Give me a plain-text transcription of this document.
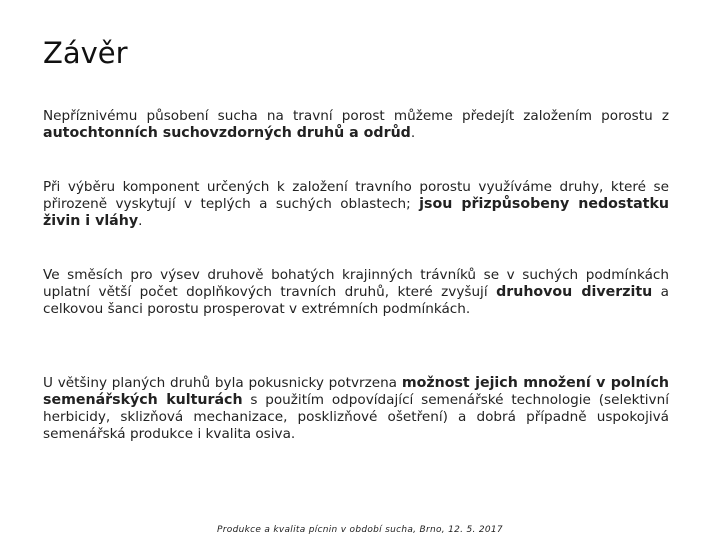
Závěr

Nepříznivému působení sucha na travní porost můžeme předejít založením porostu z autochtonních suchovzdorných druhů a odrůd.

Při výběru komponent určených k založení travního porostu využíváme druhy, které se přirozeně vyskytují v teplých a suchých oblastech; jsou přizpůsobeny nedostatku živin i vláhy.

Ve směsích pro výsev druhově bohatých krajinných trávníků se v suchých podmínkách uplatní větší počet doplňkových travních druhů, které zvyšují druhovou diverzitu a celkovou šanci porostu prosperovat v extrémních podmínkách.

U většiny planých druhů byla pokusnicky potvrzena možnost jejich množení v polních semenářských kulturách s použitím odpovídající semenářské technologie (selektivní herbicidy, sklizňová mechanizace, posklizňové ošetření) a dobrá případně uspokojivá semenářská produkce i kvalita osiva.

Produkce a kvalita pícnin v období sucha, Brno, 12. 5. 2017
